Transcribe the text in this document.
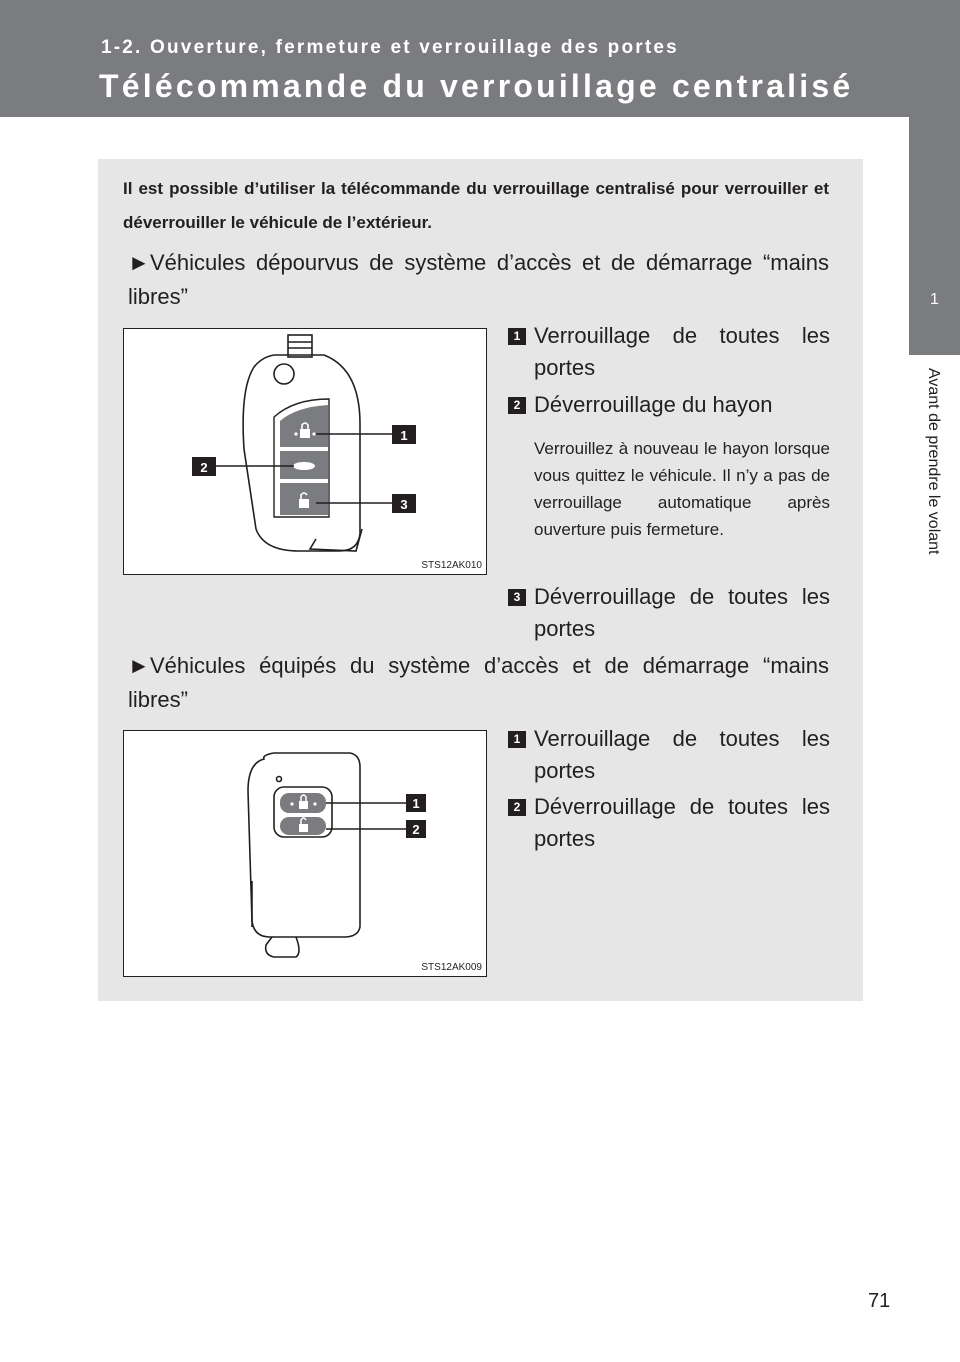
1-2. Ouverture, fermeture et verrouillage des portes
Télécommande du verrouillage centralisé
1
Avant de prendre le volant
Il est possible d’utiliser la télécommande du verrouillage centralisé pour verrouiller et déverrouiller le véhicule de l’extérieur.
►Véhicules dépourvus de système d’accès et de démarrage “mains libres”
1
2
3
STS12AK010
1 Verrouillage de toutes les portes
2 Déverrouillage du hayon
Verrouillez à nouveau le hayon lorsque vous quittez le véhicule. Il n’y a pas de verrouillage automatique après ouverture puis fermeture.
3 Déverrouillage de toutes les portes
►Véhicules équipés du système d’accès et de démarrage “mains libres”
1
2
STS12AK009
1 Verrouillage de toutes les portes
2 Déverrouillage de toutes les portes
71
